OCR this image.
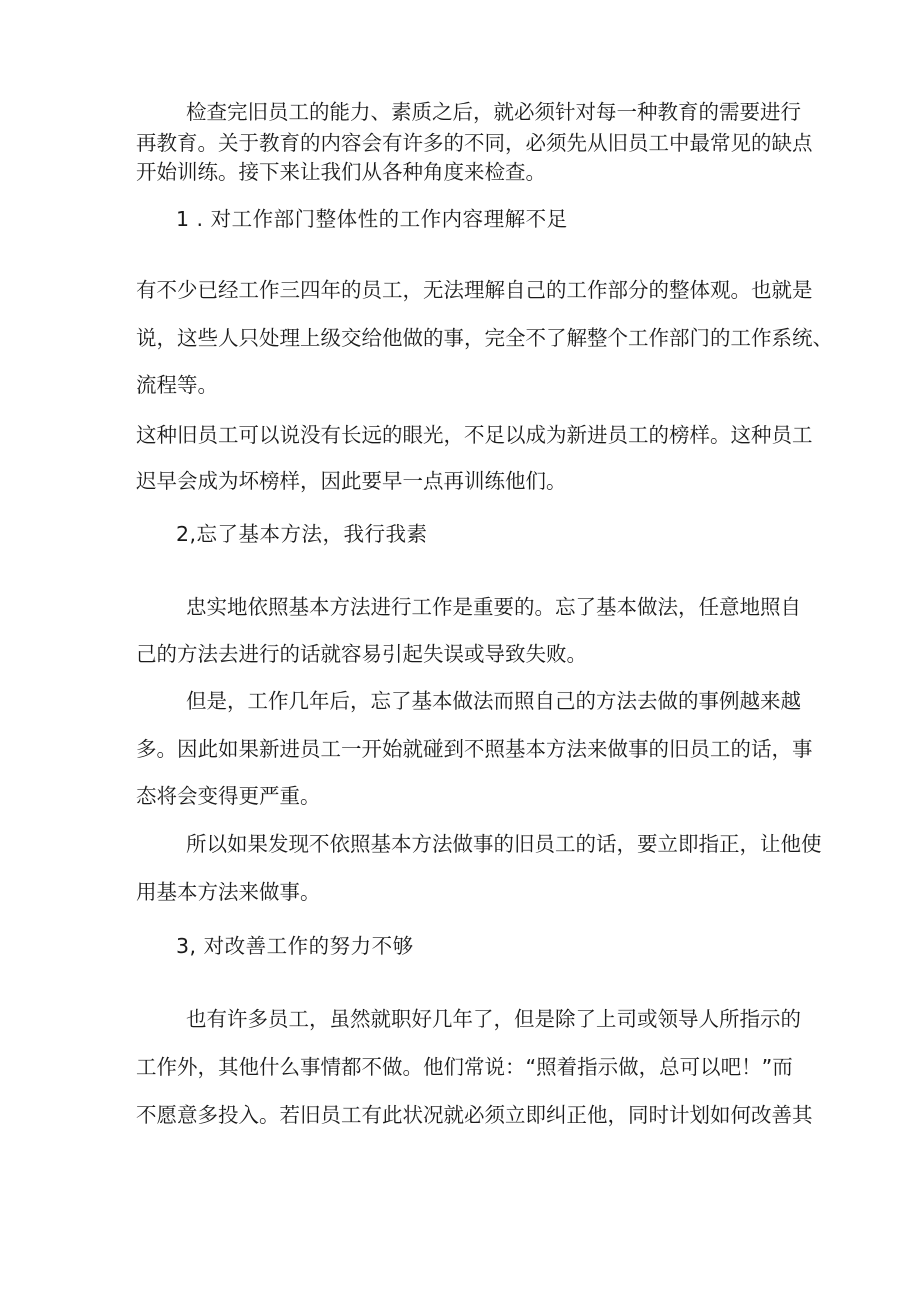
检查完旧员工的能力、素质之后，就必须针对每一种教育的需要进行
再教育。关于教育的内容会有许多的不同，必须先从旧员工中最常见的缺点
开始训练。接下来让我们从各种角度来检查。
1 . 对工作部门整体性的工作内容理解不足
有不少已经工作三四年的员工，无法理解自己的工作部分的整体观。也就是
说，这些人只处理上级交给他做的事，完全不了解整个工作部门的工作系统、
流程等。
这种旧员工可以说没有长远的眼光，不足以成为新进员工的榜样。这种员工
迟早会成为坏榜样，因此要早一点再训练他们。
2,忘了基本方法，我行我素
忠实地依照基本方法进行工作是重要的。忘了基本做法，任意地照自
己的方法去进行的话就容易引起失误或导致失败。
但是，工作几年后，忘了基本做法而照自己的方法去做的事例越来越
多。因此如果新进员工一开始就碰到不照基本方法来做事的旧员工的话，事
态将会变得更严重。
所以如果发现不依照基本方法做事的旧员工的话，要立即指正，让他使
用基本方法来做事。
3, 对改善工作的努力不够
也有许多员工，虽然就职好几年了，但是除了上司或领导人所指示的
工作外，其他什么事情都不做。他们常说：“照着指示做，总可以吧！”而
不愿意多投入。若旧员工有此状况就必须立即纠正他，同时计划如何改善其
